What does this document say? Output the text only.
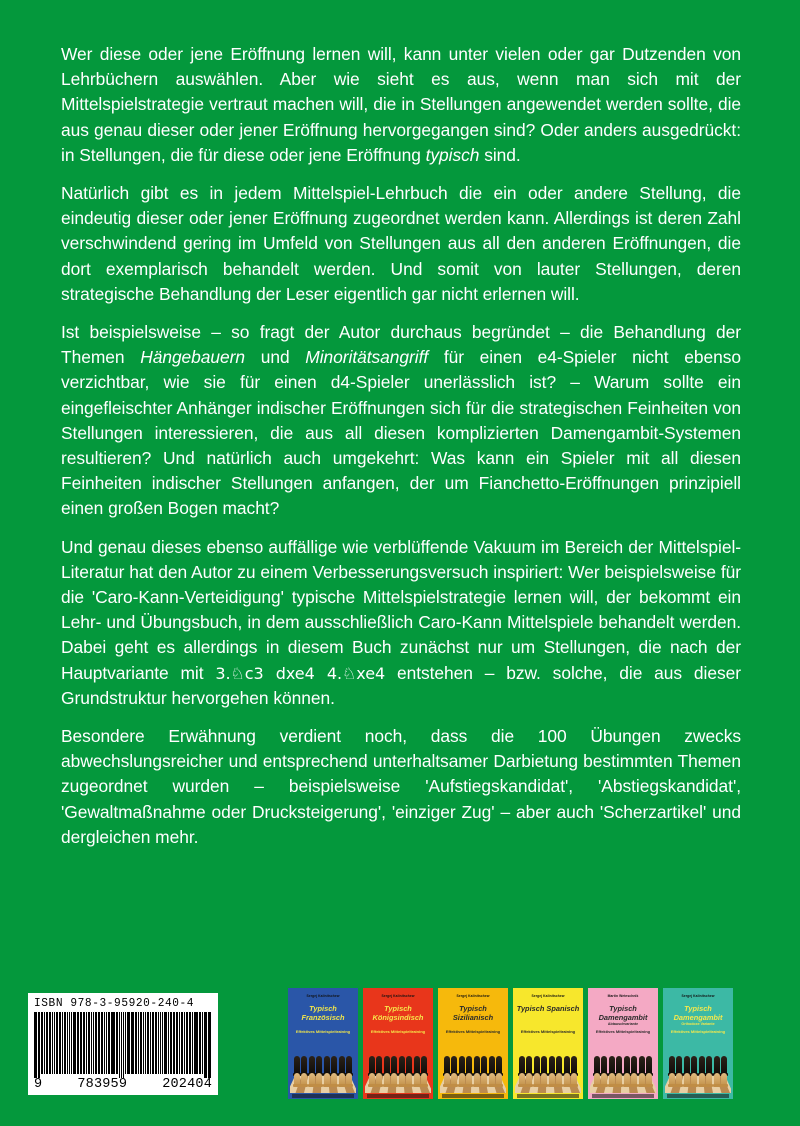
Wer diese oder jene Eröffnung lernen will, kann unter vielen oder gar Dutzenden von Lehrbüchern auswählen. Aber wie sieht es aus, wenn man sich mit der Mittelspielstrategie vertraut machen will, die in Stellungen angewendet werden sollte, die aus genau dieser oder jener Eröffnung hervorgegangen sind? Oder anders ausgedrückt: in Stellungen, die für diese oder jene Eröffnung typisch sind.

Natürlich gibt es in jedem Mittelspiel-Lehrbuch die ein oder andere Stellung, die eindeutig dieser oder jener Eröffnung zugeordnet werden kann. Allerdings ist deren Zahl verschwindend gering im Umfeld von Stellungen aus all den anderen Eröffnungen, die dort exemplarisch behandelt werden. Und somit von lauter Stellungen, deren strategische Behandlung der Leser eigentlich gar nicht erlernen will.

Ist beispielsweise – so fragt der Autor durchaus begründet – die Behandlung der Themen Hängebauern und Minoritätsangriff für einen e4-Spieler nicht ebenso verzichtbar, wie sie für einen d4-Spieler unerlässlich ist? – Warum sollte ein eingefleischter Anhänger indischer Eröffnungen sich für die strategischen Feinheiten von Stellungen interessieren, die aus all diesen komplizierten Damengambit-Systemen resultieren? Und natürlich auch umgekehrt: Was kann ein Spieler mit all diesen Feinheiten indischer Stellungen anfangen, der um Fianchetto-Eröffnungen prinzipiell einen großen Bogen macht?

Und genau dieses ebenso auffällige wie verblüffende Vakuum im Bereich der Mittelspiel-Literatur hat den Autor zu einem Verbesserungsversuch inspiriert: Wer beispielsweise für die 'Caro-Kann-Verteidigung' typische Mittelspielstrategie lernen will, der bekommt ein Lehr- und Übungsbuch, in dem ausschließlich Caro-Kann Mittelspiele behandelt werden. Dabei geht es allerdings in diesem Buch zunächst nur um Stellungen, die nach der Hauptvariante mit 3.♘c3 dxe4 4.♘xe4 entstehen – bzw. solche, die aus dieser Grundstruktur hervorgehen können.

Besondere Erwähnung verdient noch, dass die 100 Übungen zwecks abwechslungsreicher und entsprechend unterhaltsamer Darbietung bestimmten Themen zugeordnet wurden – beispielsweise 'Aufstiegskandidat', 'Abstiegskandidat', 'Gewaltmaßnahme oder Drucksteigerung', 'einziger Zug' – aber auch 'Scherzartikel' und dergleichen mehr.

ISBN 978-3-95920-240-4
9	783959	202404
Sergej Kalinitschew
Typisch Französisch
Effektives Mittelspieltraining
Sergej Kalinitschew
Typisch Königsindisch
Effektives Mittelspieltraining
Sergej Kalinitschew
Typisch Sizilianisch
Effektives Mittelspieltraining
Sergej Kalinitschew
Typisch Spanisch
Effektives Mittelspieltraining
Martin Weteschnik
Typisch Damengambit
Abtauschvariante
Effektives Mittelspieltraining
Sergej Kalinitschew
Typisch Damengambit
Orthodoxe Variante
Effektives Mittelspieltraining
